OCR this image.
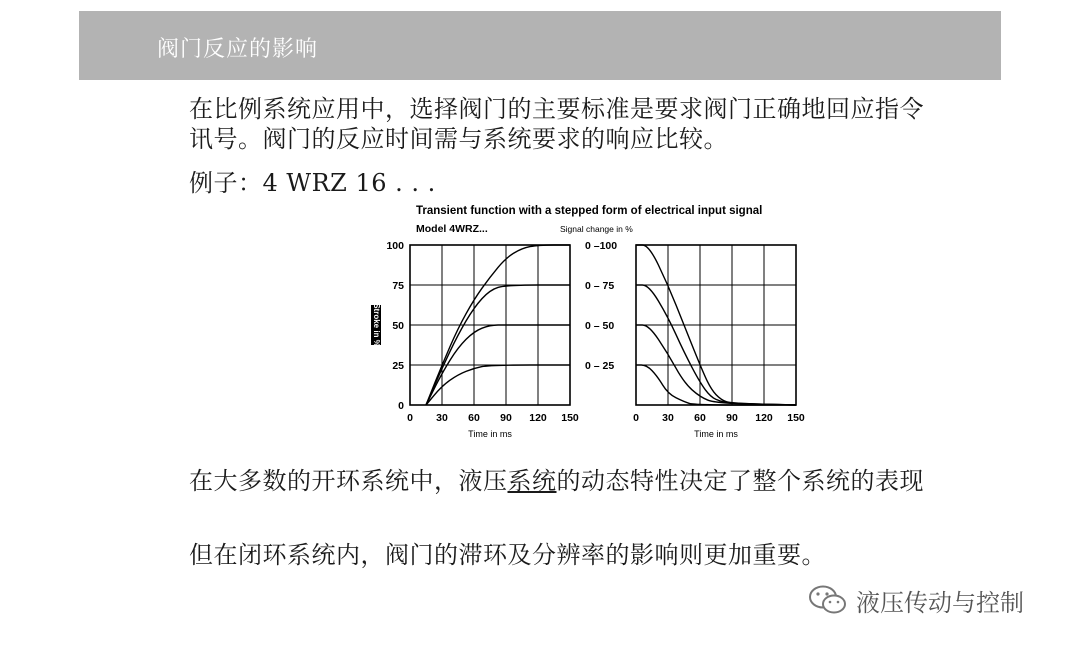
阀门反应的影响
在比例系统应用中，选择阀门的主要标准是要求阀门正确地回应指令讯号。阀门的反应时间需与系统要求的响应比较。
例子：4 WRZ 16 . . .
Transient function with a stepped form of electrical input signal
Model 4WRZ...	Signal change in %
0 30 60 90 120 150
Time in ms
0
25
50
75
100
Stroke in %
0 30 60 90 120 150
Time in ms
0 –100
0 – 75
0 – 50
0 – 25
在大多数的开环系统中，液压系统的动态特性决定了整个系统的表现
但在闭环系统内，阀门的滞环及分辨率的影响则更加重要。
液压传动与控制
